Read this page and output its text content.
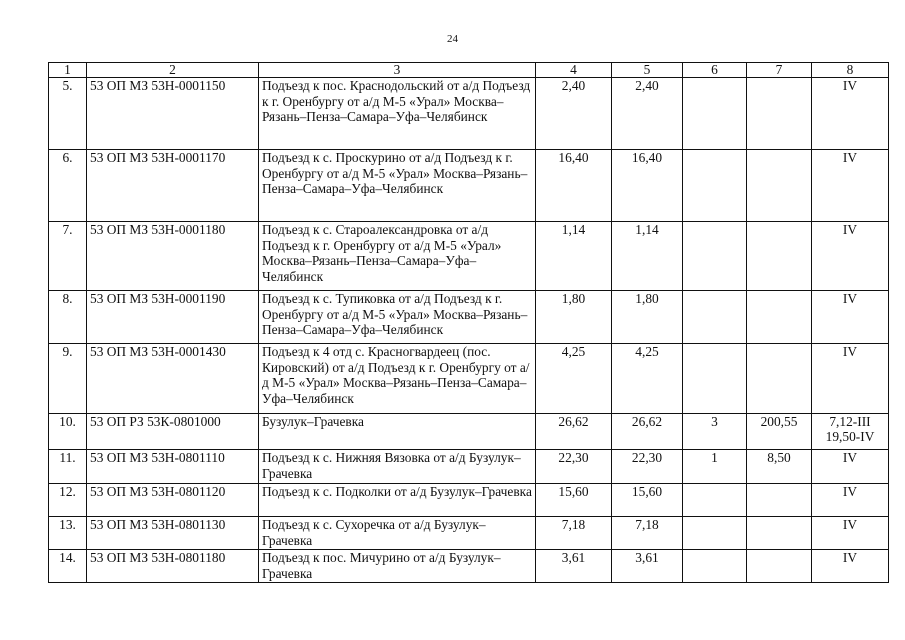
24
1	2	3	4	5	6	7	8
5.	53 ОП МЗ 53Н-0001150	Подъезд к пос. Краснодольский от а/д Подъезд к г. Оренбургу от а/д М-5 «Урал» Москва–Рязань–Пенза–Самара–Уфа–Челябинск	2,40	2,40			IV
6.	53 ОП МЗ 53Н-0001170	Подъезд к с. Проскурино от а/д Подъезд к г. Оренбургу от а/д М-5 «Урал» Москва–Рязань–Пенза–Самара–Уфа–Челябинск	16,40	16,40			IV
7.	53 ОП МЗ 53Н-0001180	Подъезд к с. Староалександровка от а/д Подъезд к г. Оренбургу от а/д М-5 «Урал» Москва–Рязань–Пенза–Самара–Уфа–Челябинск	1,14	1,14			IV
8.	53 ОП МЗ 53Н-0001190	Подъезд к с. Тупиковка от а/д Подъезд к г. Оренбургу от а/д М-5 «Урал» Москва–Рязань–Пенза–Самара–Уфа–Челябинск	1,80	1,80			IV
9.	53 ОП МЗ 53Н-0001430	Подъезд к 4 отд с. Красногвардеец (пос. Кировский) от а/д Подъезд к г. Оренбургу от а/д М-5 «Урал» Москва–Рязань–Пенза–Самара–Уфа–Челябинск	4,25	4,25			IV
10.	53 ОП РЗ 53К-0801000	Бузулук–Грачевка	26,62	26,62	3	200,55	7,12-III 19,50-IV
11.	53 ОП МЗ 53Н-0801110	Подъезд к с. Нижняя Вязовка от а/д Бузулук–Грачевка	22,30	22,30	1	8,50	IV
12.	53 ОП МЗ 53Н-0801120	Подъезд к с. Подколки от а/д Бузулук–Грачевка	15,60	15,60			IV
13.	53 ОП МЗ 53Н-0801130	Подъезд к с. Сухоречка от а/д Бузулук–Грачевка	7,18	7,18			IV
14.	53 ОП МЗ 53Н-0801180	Подъезд к пос. Мичурино от а/д Бузулук–Грачевка	3,61	3,61			IV
